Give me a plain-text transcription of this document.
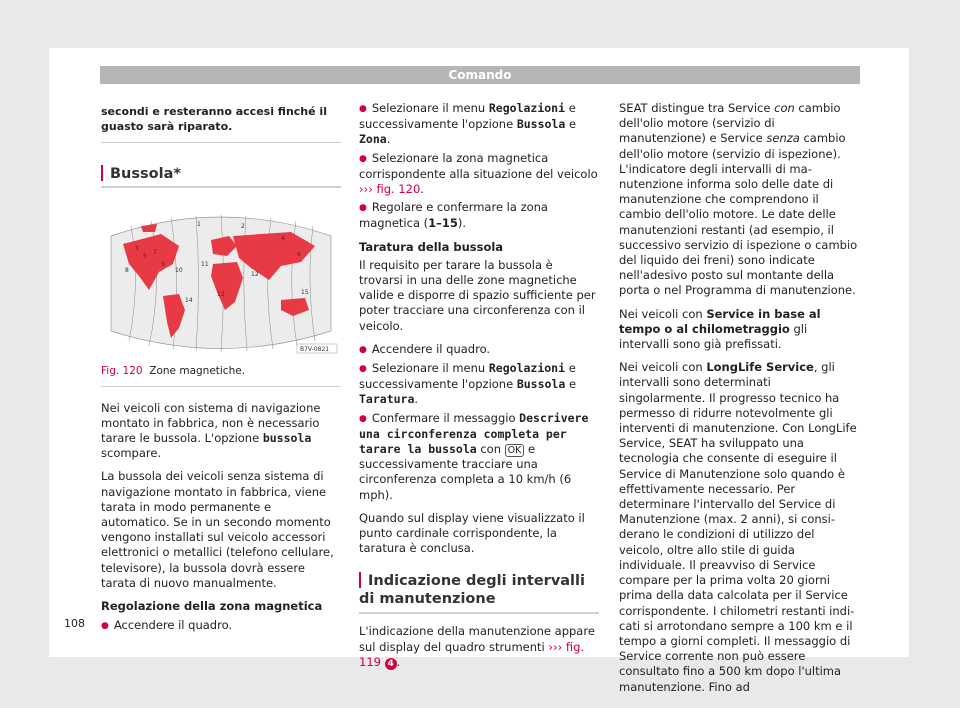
Comando
secondi e resteranno accesi finché il guasto sarà riparato.
Bussola*
3
5
7
9
10
11
12
13
14
15
1	2
4
6
8
B7V-0821
Fig. 120 Zone magnetiche.

Nei veicoli con sistema di navigazione montato in fabbrica, non è necessario tarare le bussola. L'opzione bussola scompare.

La bussola dei veicoli senza sistema di navigazione montato in fabbrica, viene tarata in modo permanente e automatico. Se in un secondo momento vengono installati sul veicolo accessori elettronici o metallici (telefono cellulare, televisore), la bussola dovrà essere tarata di nuovo manualmente.

Regolazione della zona magnetica

● Accendere il quadro.

● Selezionare il menu Regolazioni e successivamente l'opzione Bussola e Zona.

● Selezionare la zona magnetica corrispondente alla situazione del veicolo ››› fig. 120.

● Regolare e confermare la zona magnetica (1–15).

Taratura della bussola

Il requisito per tarare la bussola è trovarsi in una delle zone magnetiche valide e disporre di spazio sufficiente per poter tracciare una circonferenza con il veicolo.

● Accendere il quadro.

● Selezionare il menu Regolazioni e successivamente l'opzione Bussola e Taratura.

● Confermare il messaggio Descrivere una circonferenza completa per tarare la bussola con OK e successivamente tracciare una circonferenza completa a 10 km/h (6 mph).

Quando sul display viene visualizzato il punto cardinale corrispondente, la taratura è conclusa.

Indicazione degli intervalli di manutenzione

L'indicazione della manutenzione appare sul display del quadro strumenti ››› fig. 119 4 .

SEAT distingue tra Service con cambio dell'olio motore (servizio di manutenzione) e Service senza cambio dell'olio motore (servizio di ispezione). L'indicatore degli intervalli di manutenzione informa solo delle date di manutenzione che comprendono il cambio dell'olio motore. Le date delle manutenzioni restanti (ad esempio, il successivo servizio di ispezione o cambio del liquido dei freni) sono indicate nell'adesivo posto sul montante della porta o nel Programma di manutenzione.

Nei veicoli con Service in base al tempo o al chilometraggio gli intervalli sono già prefissati.

Nei veicoli con LongLife Service, gli intervalli sono determinati singolarmente. Il progresso tecnico ha permesso di ridurre notevolmente gli interventi di manutenzione. Con LongLife Service, SEAT ha sviluppato una tecnologia che consente di eseguire il Service di Manutenzione solo quando è effettivamente necessario. Per determinare l'intervallo del Service di Manutenzione (max. 2 anni), si considerano le condizioni di utilizzo del veicolo, oltre allo stile di guida individuale. Il preavviso di Service compare per la prima volta 20 giorni prima della data calcolata per il Service corrispondente. I chilometri restanti indicati si arrotondano sempre a 100 km e il tempo a giorni completi. Il messaggio di Service corrente non può essere consultato fino a 500 km dopo l'ultima manutenzione. Fino ad

108
